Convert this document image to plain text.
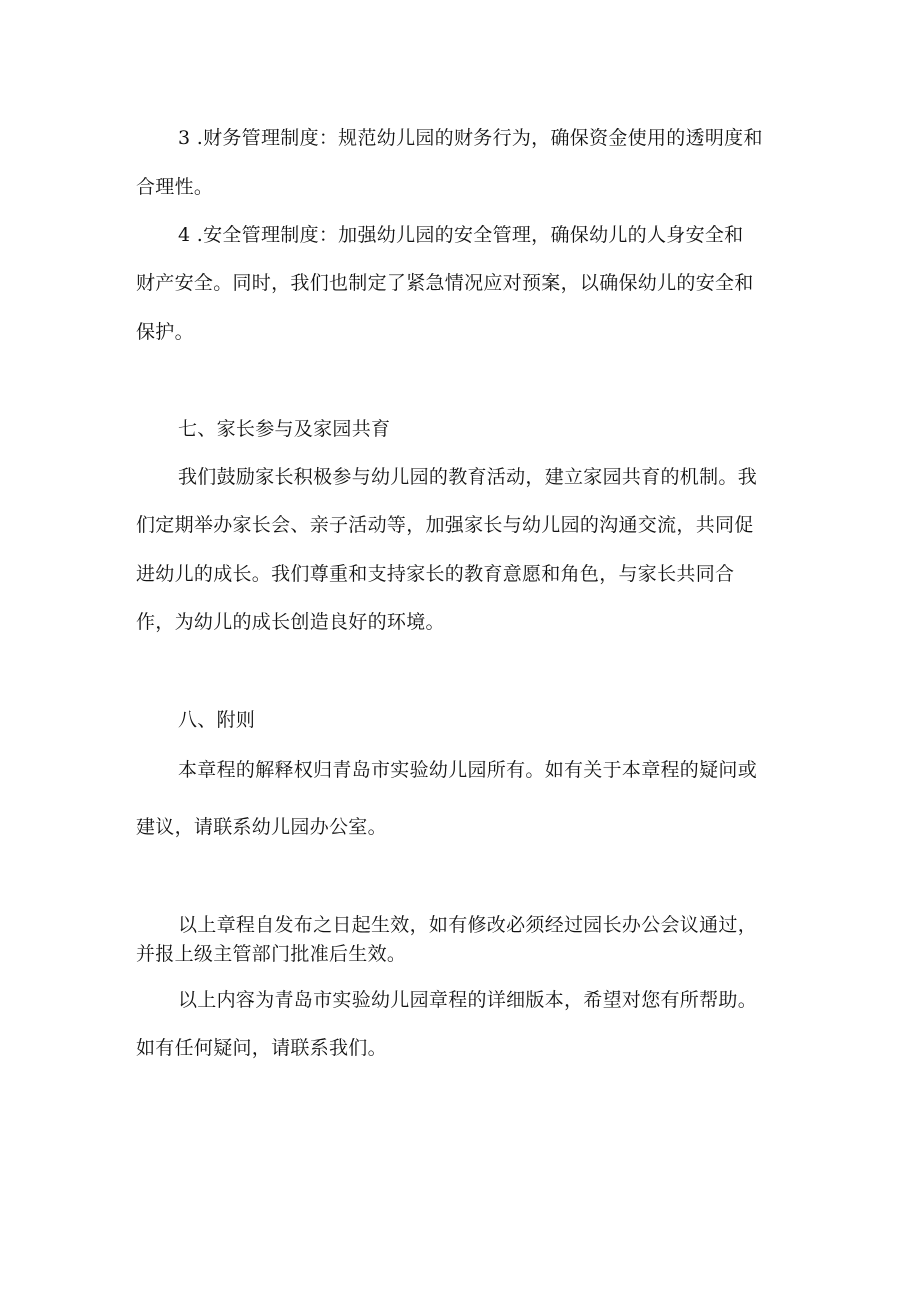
3 .财务管理制度：规范幼儿园的财务行为，确保资金使用的透明度和
合理性。
4 .安全管理制度：加强幼儿园的安全管理，确保幼儿的人身安全和
财产安全。同时，我们也制定了紧急情况应对预案，以确保幼儿的安全和
保护。
七、家长参与及家园共育
我们鼓励家长积极参与幼儿园的教育活动，建立家园共育的机制。我
们定期举办家长会、亲子活动等，加强家长与幼儿园的沟通交流，共同促
进幼儿的成长。我们尊重和支持家长的教育意愿和角色，与家长共同合
作，为幼儿的成长创造良好的环境。
八、附则
本章程的解释权归青岛市实验幼儿园所有。如有关于本章程的疑问或
建议，请联系幼儿园办公室。
以上章程自发布之日起生效，如有修改必须经过园长办公会议通过，
并报上级主管部门批准后生效。
以上内容为青岛市实验幼儿园章程的详细版本，希望对您有所帮助。
如有任何疑问，请联系我们。
